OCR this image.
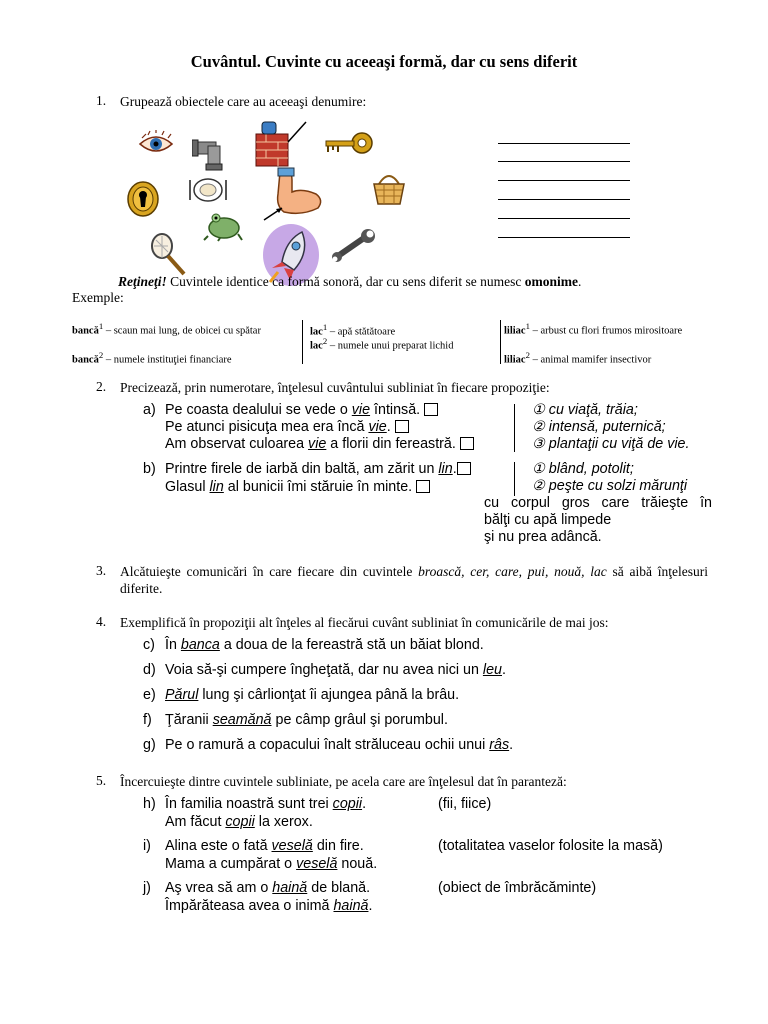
Cuvântul. Cuvinte cu aceeaşi formă, dar cu sens diferit
1. Grupează obiectele care au aceeaşi denumire:
Reţineţi! Cuvintele identice ca formă sonoră, dar cu sens diferit se numesc omonime.
Exemple:
bancă$^1$ – scaun mai lung, de obicei cu spătar
bancă$^2$ – numele instituţiei financiare
lac$^1$ – apă stătătoare
lac$^2$ – numele unui preparat lichid
liliac$^1$ – arbust cu flori frumos mirositoare
liliac$^2$ – animal mamifer insectivor
2. Precizează, prin numerotare, înţelesul cuvântului subliniat în fiecare propoziţie:
a) Pe coasta dealului se vede o vie întinsă.
Pe atunci pisicuţa mea era încă vie.
Am observat culoarea vie a florii din fereastră.
① cu viaţă, trăia;
② intensă, puternică;
③ plantaţii cu viţă de vie.
b) Printre firele de iarbă din baltă, am zărit un lin.
Glasul lin al bunicii îmi stăruie în minte.
① blând, potolit;
② peşte cu solzi mărunţi
cu corpul gros care trăieşte în
bălţi cu apă limpede
şi nu prea adâncă.
3. Alcătuieşte comunicări în care fiecare din cuvintele broască, cer, care, pui, nouă, lac să aibă înţelesuri diferite.
4. Exemplifică în propoziţii alt înţeles al fiecărui cuvânt subliniat în comunicările de mai jos:
c) În banca a doua de la fereastră stă un băiat blond.
d) Voia să-şi cumpere îngheţată, dar nu avea nici un leu.
e) Părul lung şi cârlionţat îi ajungea până la brâu.
f) Ţăranii seamănă pe câmp grâul şi porumbul.
g) Pe o ramură a copacului înalt străluceau ochii unui râs.
5. Încercuieşte dintre cuvintele subliniate, pe acela care are înţelesul dat în paranteză:
h) În familia noastră sunt trei copii.
Am făcut copii la xerox.
(fii, fiice)
i) Alina este o fată veselă din fire.
Mama a cumpărat o veselă nouă.
(totalitatea vaselor folosite la masă)
j) Aş vrea să am o haină de blană.
Împărăteasa avea o inimă haină.
(obiect de îmbrăcăminte)
